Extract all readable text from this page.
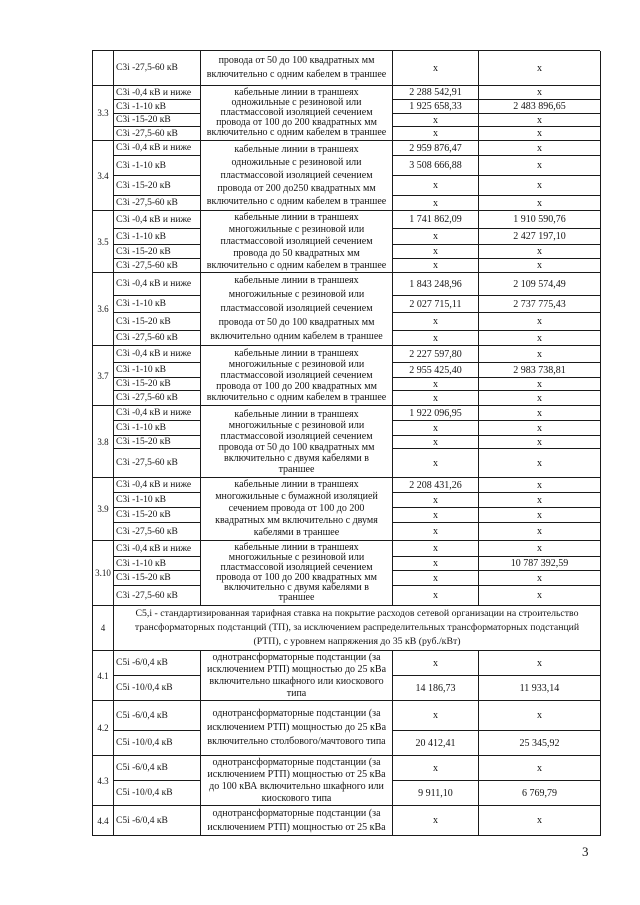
провода от 50 до 100 квадратных мм
включительно с одним кабелем в траншее
С3i -27,5-60 кВ	x	x
3.3
кабельные линии в траншеях
одножильные с резиновой или
пластмассовой изоляцией сечением
провода от 100 до 200 квадратных мм
включительно с одним кабелем в траншее
С3i -0,4 кВ и ниже	2 288 542,91	x
С3i -1-10 кВ	1 925 658,33	2 483 896,65
С3i -15-20 кВ	x	x
С3i -27,5-60 кВ	x	x
3.4
кабельные линии в траншеях
одножильные с резиновой или
пластмассовой изоляцией сечением
провода от 200 до250 квадратных мм
включительно с одним кабелем в траншее
С3i -0,4 кВ и ниже	2 959 876,47	x
С3i -1-10 кВ	3 508 666,88	x
С3i -15-20 кВ	x	x
С3i -27,5-60 кВ	x	x
3.5
кабельные линии в траншеях
многожильные с резиновой или
пластмассовой изоляцией сечением
провода до 50 квадратных мм
включительно с одним кабелем в траншее
С3i -0,4 кВ и ниже	1 741 862,09	1 910 590,76
С3i -1-10 кВ	x	2 427 197,10
С3i -15-20 кВ	x	x
С3i -27,5-60 кВ	x	x
3.6
кабельные линии в траншеях
многожильные с резиновой или
пластмассовой изоляцией сечением
провода от 50 до 100 квадратных мм
включительно одним кабелем в траншее
С3i -0,4 кВ и ниже	1 843 248,96	2 109 574,49
С3i -1-10 кВ	2 027 715,11	2 737 775,43
С3i -15-20 кВ	x	x
С3i -27,5-60 кВ	x	x
3.7
кабельные линии в траншеях
многожильные с резиновой или
пластмассовой изоляцией сечением
провода от 100 до 200 квадратных мм
включительно с одним кабелем в траншее
С3i -0,4 кВ и ниже	2 227 597,80	x
С3i -1-10 кВ	2 955 425,40	2 983 738,81
С3i -15-20 кВ	x	x
С3i -27,5-60 кВ	x	x
3.8
кабельные линии в траншеях
многожильные с резиновой или
пластмассовой изоляцией сечением
провода от 50 до 100 квадратных мм
включительно с двумя кабелями в
траншее
С3i -0,4 кВ и ниже	1 922 096,95	x
С3i -1-10 кВ	x	x
С3i -15-20 кВ	x	x
С3i -27,5-60 кВ	x	x
3.9
кабельные линии в траншеях
многожильные с бумажной изоляцией
сечением провода от 100 до 200
квадратных мм включительно с двумя
кабелями в траншее
С3i -0,4 кВ и ниже	2 208 431,26	x
С3i -1-10 кВ	x	x
С3i -15-20 кВ	x	x
С3i -27,5-60 кВ	x	x
3.10
кабельные линии в траншеях
многожильные с резиновой или
пластмассовой изоляцией сечением
провода от 100 до 200 квадратных мм
включительно с двумя кабелями в
траншее
С3i -0,4 кВ и ниже	x	x
С3i -1-10 кВ	x	10 787 392,59
С3i -15-20 кВ	x	x
С3i -27,5-60 кВ	x	x
4
С5,i - стандартизированная тарифная ставка на покрытие расходов сетевой организации на строительство
трансформаторных подстанций (ТП), за исключением распределительных трансформаторных подстанций
(РТП), с уровнем напряжения до 35 кВ (руб./кВт)
4.1
однотрансформаторные подстанции (за
исключением РТП) мощностью до 25 кВа
включительно шкафного или киоскового
типа
С5i -6/0,4 кВ	x	x
С5i -10/0,4 кВ	14 186,73	11 933,14
4.2
однотрансформаторные подстанции (за
исключением РТП) мощностью до 25 кВа
включительно столбового/мачтового типа
С5i -6/0,4 кВ	x	x
С5i -10/0,4 кВ	20 412,41	25 345,92
4.3
однотрансформаторные подстанции (за
исключением РТП) мощностью от 25 кВа
до 100 кВА включительно шкафного или
киоскового типа
С5i -6/0,4 кВ	x	x
С5i -10/0,4 кВ	9 911,10	6 769,79
4.4
однотрансформаторные подстанции (за
исключением РТП) мощностью от 25 кВа
С5i -6/0,4 кВ	x	x
3
